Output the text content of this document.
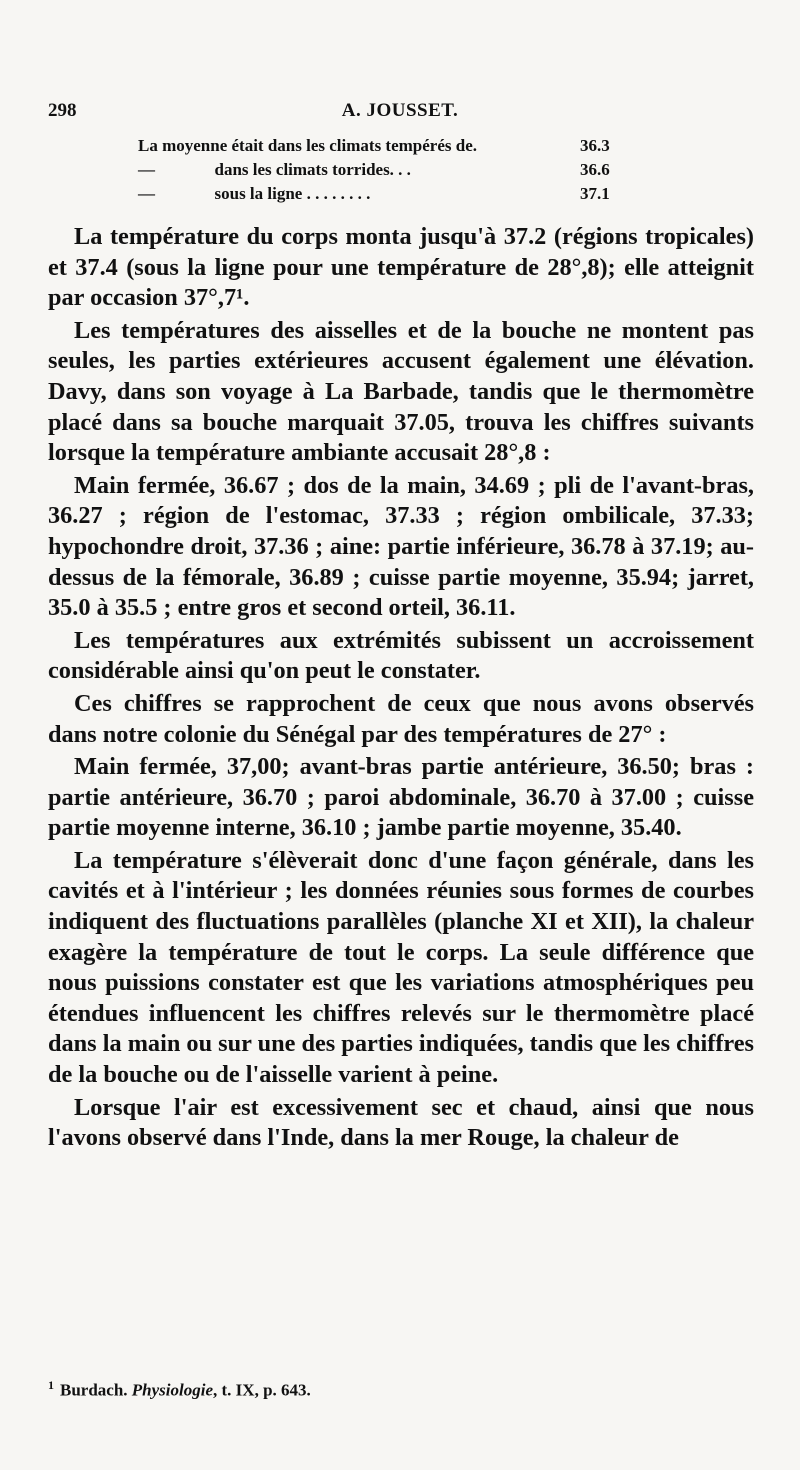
298	A. JOUSSET.
La moyenne était dans les climats tempérés de.	36.3
—              dans les climats torrides. . .	36.6
—              sous la ligne . . . . . . . .	37.1

La température du corps monta jusqu'à 37.2 (régions tropicales) et 37.4 (sous la ligne pour une température de 28°,8); elle atteignit par occasion 37°,7¹.

Les températures des aisselles et de la bouche ne montent pas seules, les parties extérieures accusent également une élévation. Davy, dans son voyage à La Barbade, tandis que le thermomètre placé dans sa bouche marquait 37.05, trouva les chiffres suivants lorsque la température ambiante accusait 28°,8 :

Main fermée, 36.67 ; dos de la main, 34.69 ; pli de l'avant-bras, 36.27 ; région de l'estomac, 37.33 ; région ombilicale, 37.33; hypochondre droit, 37.36 ; aine: partie inférieure, 36.78 à 37.19; au-dessus de la fémorale, 36.89 ; cuisse partie moyenne, 35.94; jarret, 35.0 à 35.5 ; entre gros et second orteil, 36.11.

Les températures aux extrémités subissent un accroissement considérable ainsi qu'on peut le constater.

Ces chiffres se rapprochent de ceux que nous avons observés dans notre colonie du Sénégal par des températures de 27° :

Main fermée, 37,00; avant-bras partie antérieure, 36.50; bras : partie antérieure, 36.70 ; paroi abdominale, 36.70 à 37.00 ; cuisse partie moyenne interne, 36.10 ; jambe partie moyenne, 35.40.

La température s'élèverait donc d'une façon générale, dans les cavités et à l'intérieur ; les données réunies sous formes de courbes indiquent des fluctuations parallèles (planche XI et XII), la chaleur exagère la température de tout le corps. La seule différence que nous puissions constater est que les variations atmosphériques peu étendues influencent les chiffres relevés sur le thermomètre placé dans la main ou sur une des parties indiquées, tandis que les chiffres de la bouche ou de l'aisselle varient à peine.

Lorsque l'air est excessivement sec et chaud, ainsi que nous l'avons observé dans l'Inde, dans la mer Rouge, la chaleur de

$^1$ Burdach. Physiologie, t. IX, p. 643.
